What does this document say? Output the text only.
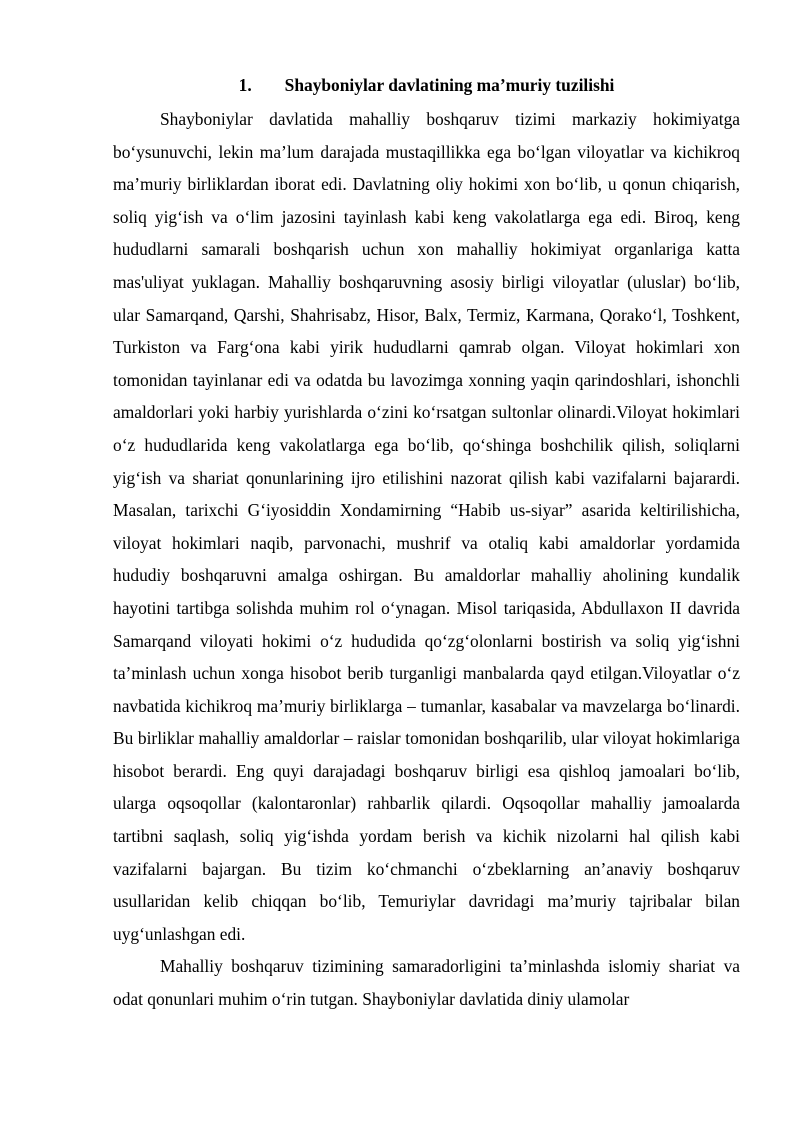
1. Shayboniylar davlatining ma’muriy tuzilishi

Shayboniylar davlatida mahalliy boshqaruv tizimi markaziy hokimiyatga bo‘ysunuvchi, lekin ma’lum darajada mustaqillikka ega bo‘lgan viloyatlar va kichikroq ma’muriy birliklardan iborat edi. Davlatning oliy hokimi xon bo‘lib, u qonun chiqarish, soliq yig‘ish va o‘lim jazosini tayinlash kabi keng vakolatlarga ega edi. Biroq, keng hududlarni samarali boshqarish uchun xon mahalliy hokimiyat organlariga katta mas'uliyat yuklagan. Mahalliy boshqaruvning asosiy birligi viloyatlar (uluslar) bo‘lib, ular Samarqand, Qarshi, Shahrisabz, Hisor, Balx, Termiz, Karmana, Qorako‘l, Toshkent, Turkiston va Farg‘ona kabi yirik hududlarni qamrab olgan. Viloyat hokimlari xon tomonidan tayinlanar edi va odatda bu lavozimga xonning yaqin qarindoshlari, ishonchli amaldorlari yoki harbiy yurishlarda o‘zini ko‘rsatgan sultonlar olinardi.Viloyat hokimlari o‘z hududlarida keng vakolatlarga ega bo‘lib, qo‘shinga boshchilik qilish, soliqlarni yig‘ish va shariat qonunlarining ijro etilishini nazorat qilish kabi vazifalarni bajarardi. Masalan, tarixchi G‘iyosiddin Xondamirning “Habib us-siyar” asarida keltirilishicha, viloyat hokimlari naqib, parvonachi, mushrif va otaliq kabi amaldorlar yordamida hududiy boshqaruvni amalga oshirgan. Bu amaldorlar mahalliy aholining kundalik hayotini tartibga solishda muhim rol o‘ynagan. Misol tariqasida, Abdullaxon II davrida Samarqand viloyati hokimi o‘z hududida qo‘zg‘olonlarni bostirish va soliq yig‘ishni ta’minlash uchun xonga hisobot berib turganligi manbalarda qayd etilgan.Viloyatlar o‘z navbatida kichikroq ma’muriy birliklarga – tumanlar, kasabalar va mavzelarga bo‘linardi. Bu birliklar mahalliy amaldorlar – raislar tomonidan boshqarilib, ular viloyat hokimlariga hisobot berardi. Eng quyi darajadagi boshqaruv birligi esa qishloq jamoalari bo‘lib, ularga oqsoqollar (kalontaronlar) rahbarlik qilardi. Oqsoqollar mahalliy jamoalarda tartibni saqlash, soliq yig‘ishda yordam berish va kichik nizolarni hal qilish kabi vazifalarni bajargan. Bu tizim ko‘chmanchi o‘zbeklarning an’anaviy boshqaruv usullaridan kelib chiqqan bo‘lib, Temuriylar davridagi ma’muriy tajribalar bilan uyg‘unlashgan edi.

Mahalliy boshqaruv tizimining samaradorligini ta’minlashda islomiy shariat va odat qonunlari muhim o‘rin tutgan. Shayboniylar davlatida diniy ulamolar
